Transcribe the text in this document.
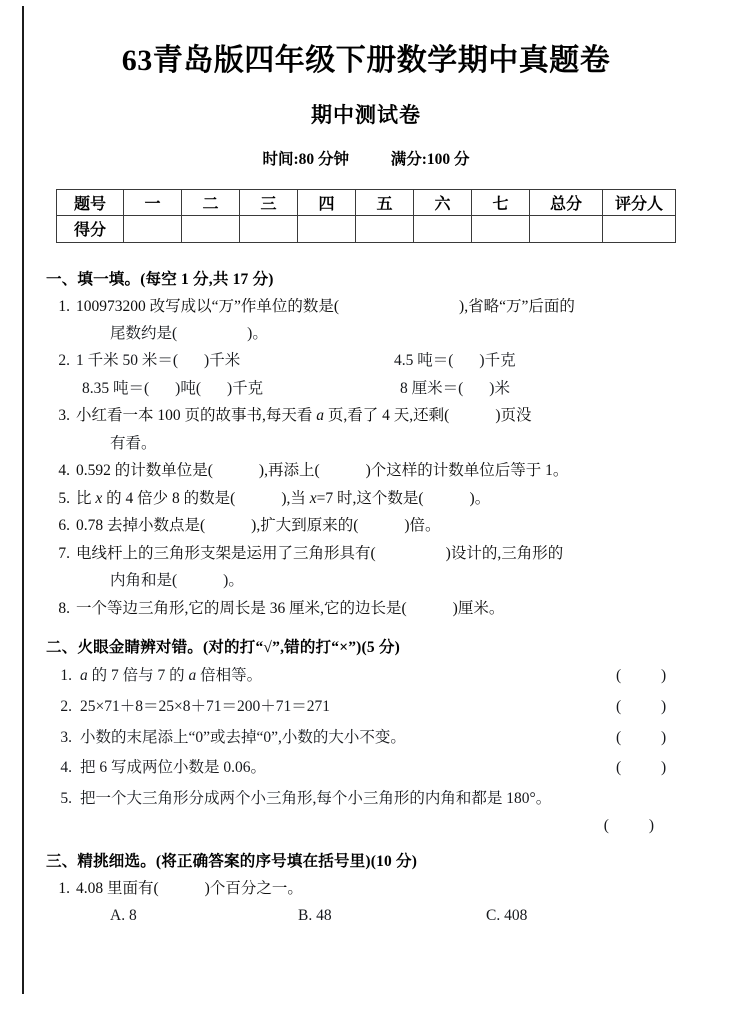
63青岛版四年级下册数学期中真题卷
期中测试卷
时间:80 分钟	满分:100 分
题号	一	二	三	四	五	六	七	总分	评分人
得分									
一、填一填。(每空 1 分,共 17 分)
1. 100973200 改写成以“万”作单位的数是(	),省略“万”后面的
尾数约是(	)。
2. 1 千米 50 米＝( )千米	4.5 吨＝( )千克
8.35 吨＝( )吨( )千克	8 厘米＝( )米
3. 小红看一本 100 页的故事书,每天看 a 页,看了 4 天,还剩(	)页没
有看。
4. 0.592 的计数单位是(	),再添上(	)个这样的计数单位后等于 1。
5. 比 x 的 4 倍少 8 的数是(	),当 x=7 时,这个数是(	)。
6. 0.78 去掉小数点是(	),扩大到原来的(	)倍。
7. 电线杆上的三角形支架是运用了三角形具有(	)设计的,三角形的
内角和是(	)。
8. 一个等边三角形,它的周长是 36 厘米,它的边长是(	)厘米。
二、火眼金睛辨对错。(对的打“√”,错的打“×”)(5 分)
1. a 的 7 倍与 7 的 a 倍相等。	( )
2. 25×71＋8＝25×8＋71＝200＋71＝271	( )
3. 小数的末尾添上“0”或去掉“0”,小数的大小不变。	( )
4. 把 6 写成两位小数是 0.06。	( )
5. 把一个大三角形分成两个小三角形,每个小三角形的内角和都是 180°。
( )
三、精挑细选。(将正确答案的序号填在括号里)(10 分)
1. 4.08 里面有(	)个百分之一。
A. 8	B. 48	C. 408
